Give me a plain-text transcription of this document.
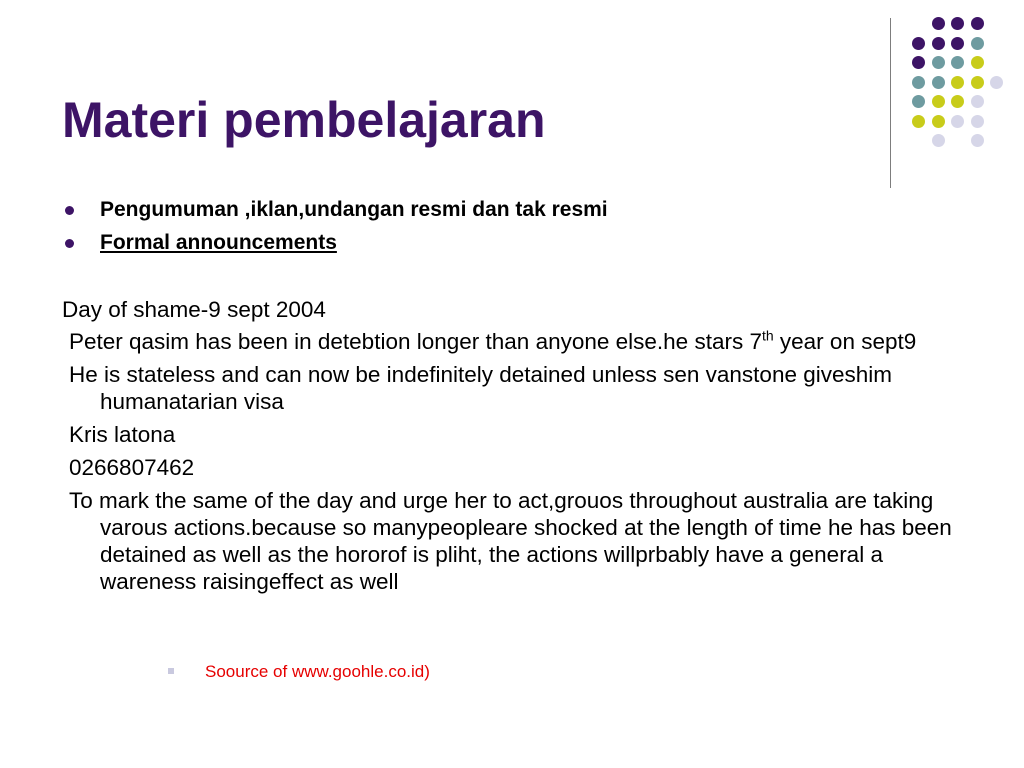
Materi pembelajaran
Pengumuman ,iklan,undangan resmi dan tak resmi
Formal announcements

Day of shame-9 sept 2004

Peter qasim has been in detebtion longer than anyone else.he stars 7th year on sept9

He is stateless and can now be indefinitely detained unless sen vanstone giveshim humanatarian visa

Kris latona

0266807462

To mark the same of the day and urge her to act,grouos throughout australia are taking varous actions.because so manypeopleare shocked at the length of time he has been detained as well as the hororof is pliht, the actions willprbably have a general a wareness raisingeffect as well

Soource of www.goohle.co.id)
